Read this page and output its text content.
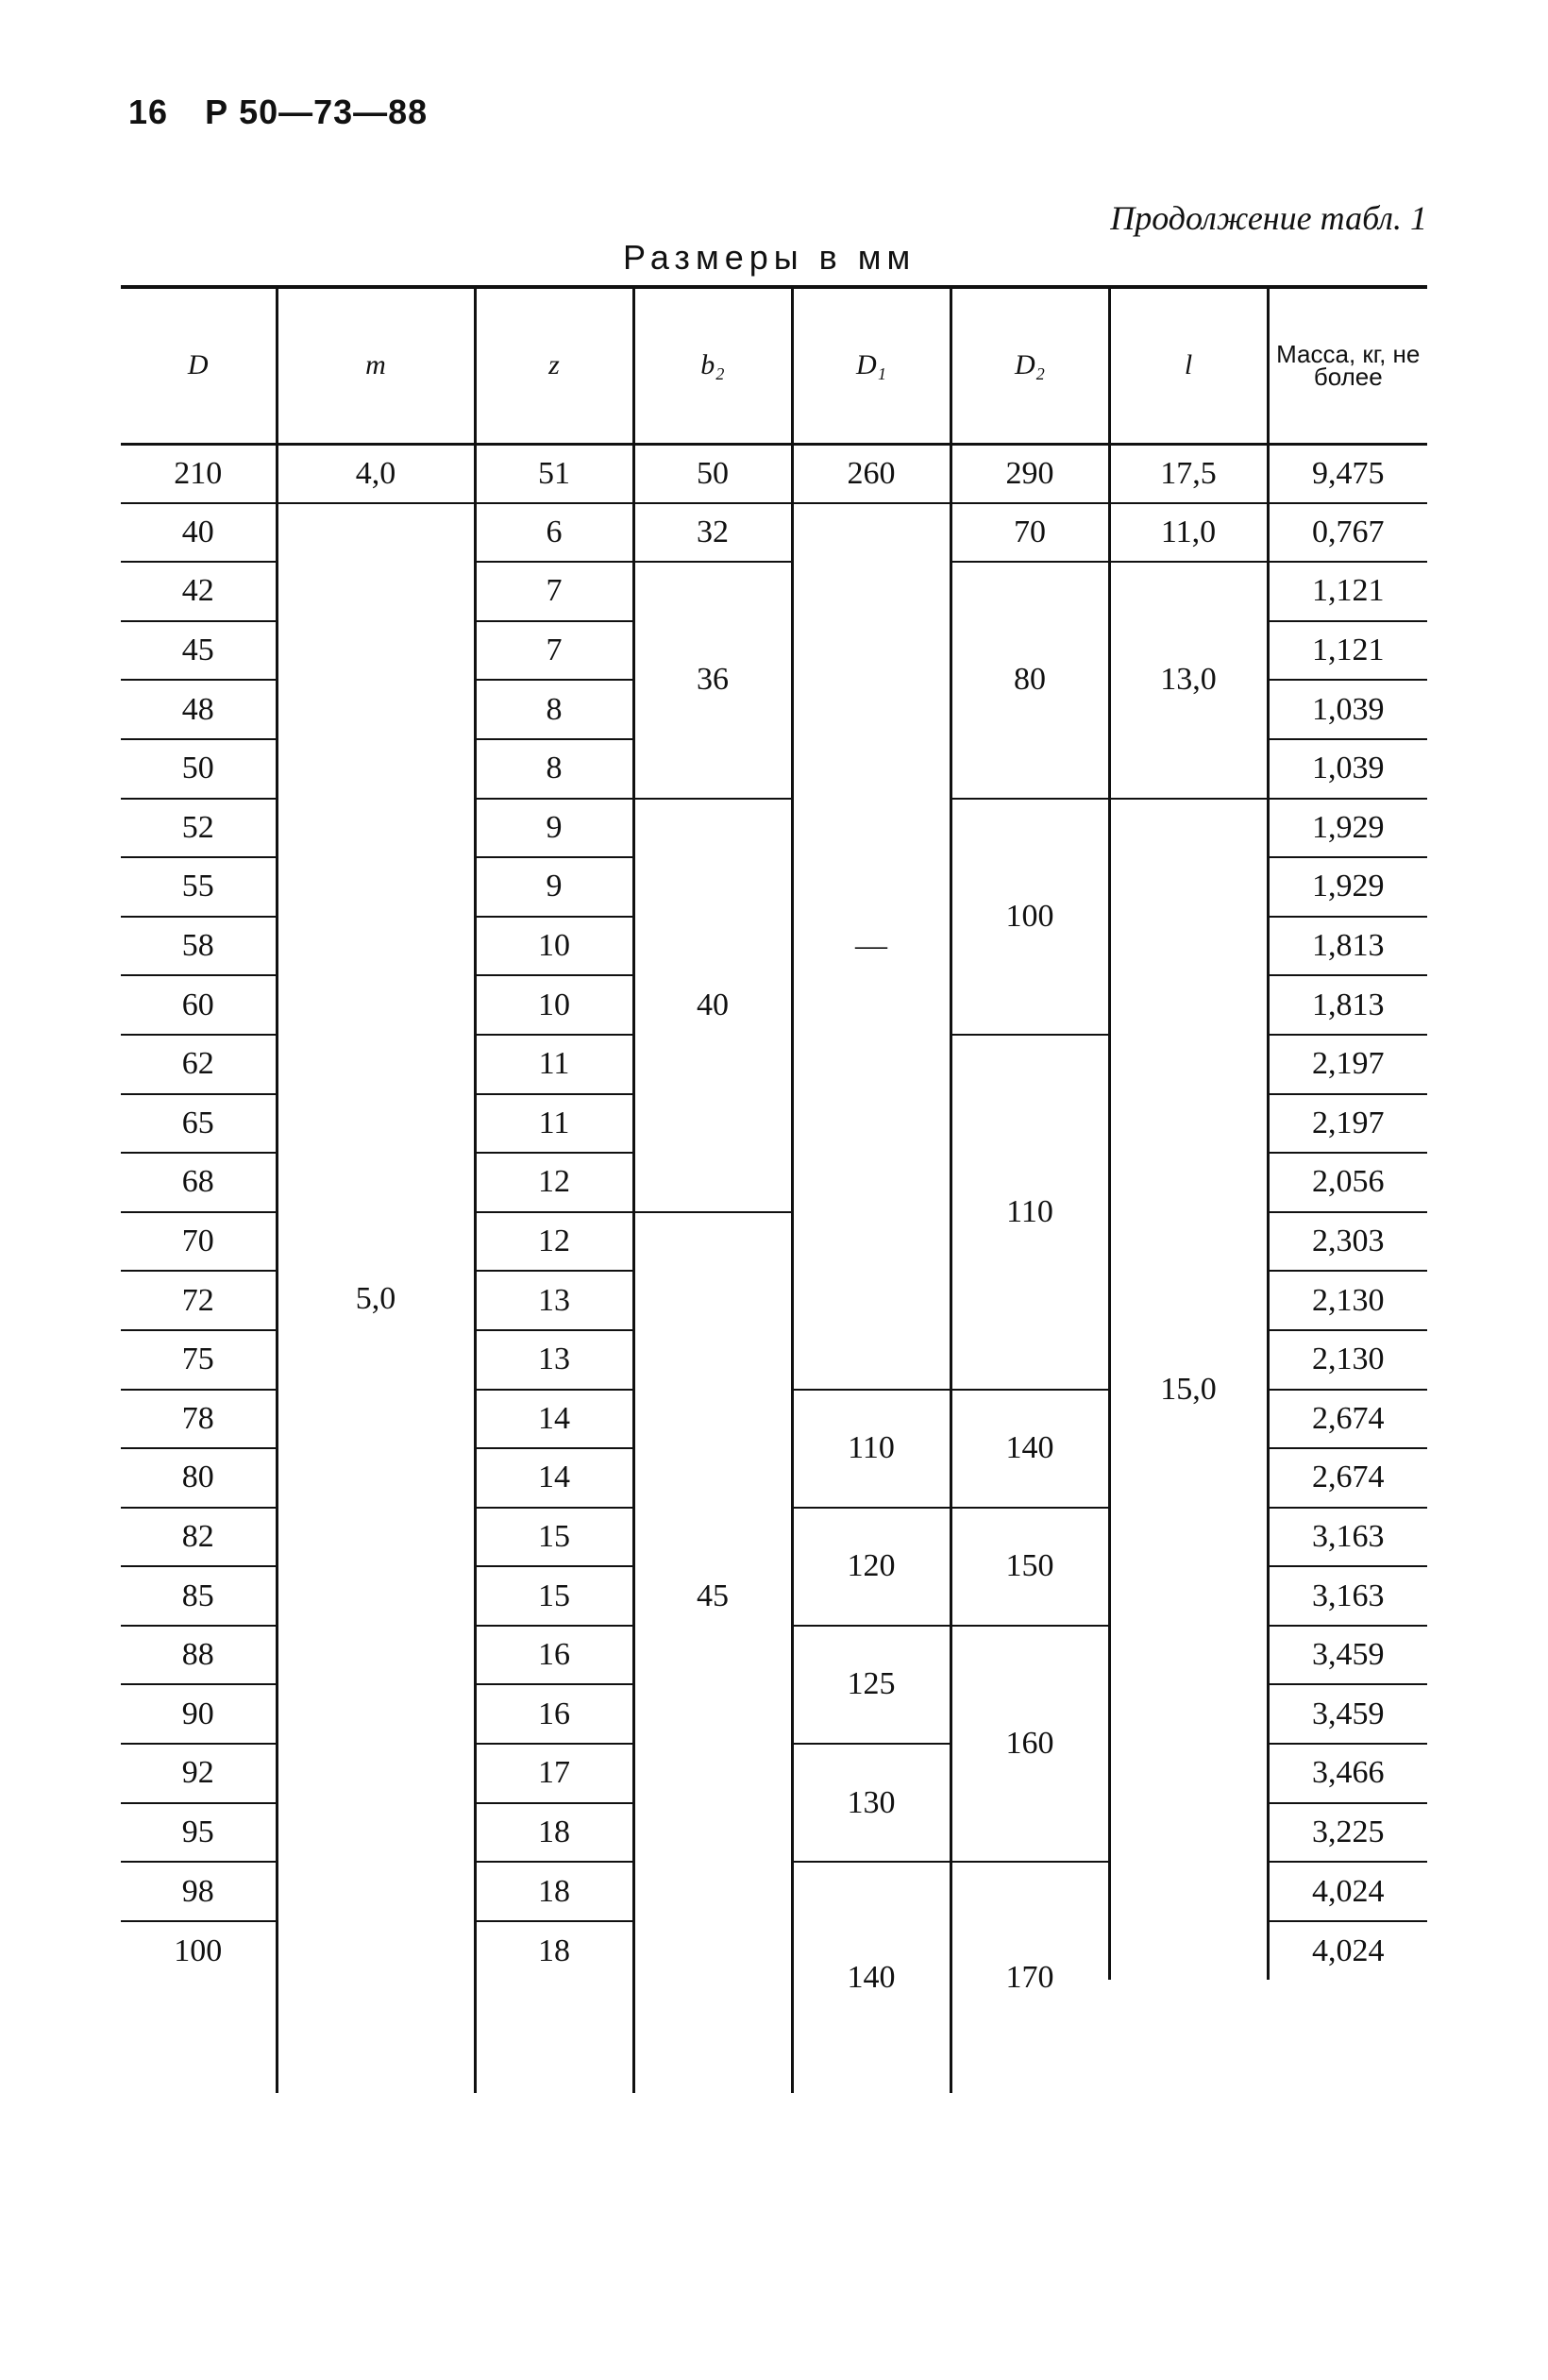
16 Р 50—73—88
Продолжение табл. 1
Размеры в мм
D	m	z	b₂	D₁	D₂	l	Масса, кг, не более
210	4,0	51	50	260	290	17,5	9,475
40	5,0	6	32	—	70	11,0	0,767
42		7	36		80	13,0	1,121
45		7					1,121
48		8					1,039
50		8					1,039
52		9	40		100	15,0	1,929
55		9					1,929
58		10					1,813
60		10					1,813
62		11			110		2,197
65		11					2,197
68		12					2,056
70		12	45				2,303
72		13					2,130
75		13					2,130
78		14		110	140		2,674
80		14					2,674
82		15		120	150		3,163
85		15					3,163
88		16		125	160		3,459
90		16					3,459
92		17		130			3,466
95		18					3,225
98		18		140	170		4,024
100		18					4,024
